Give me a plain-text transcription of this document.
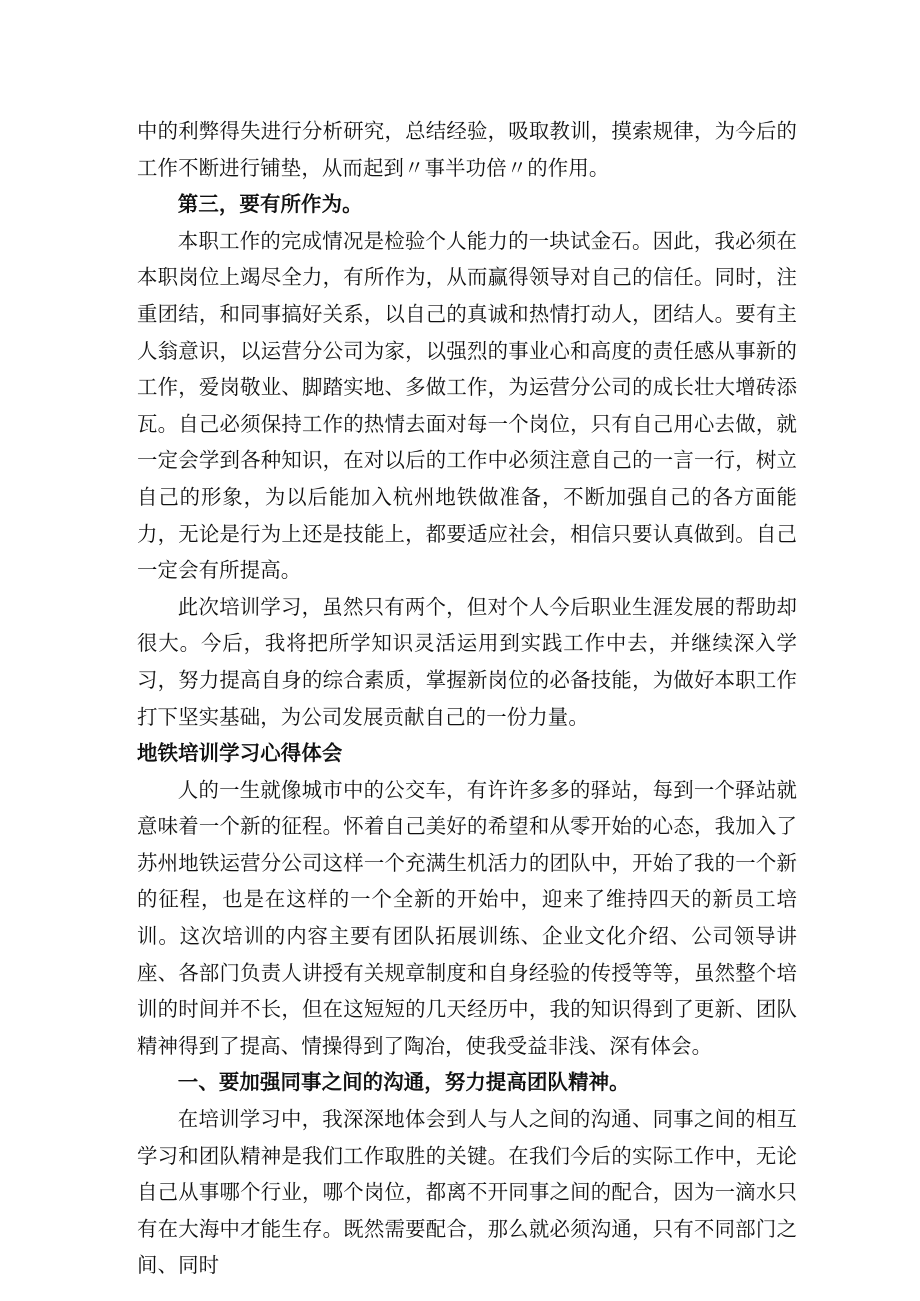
中的利弊得失进行分析研究，总结经验，吸取教训，摸索规律，为今后的工作不断进行铺垫，从而起到〃事半功倍〃的作用。

第三，要有所作为。

本职工作的完成情况是检验个人能力的一块试金石。因此，我必须在本职岗位上竭尽全力，有所作为，从而赢得领导对自己的信任。同时，注重团结，和同事搞好关系，以自己的真诚和热情打动人，团结人。要有主人翁意识，以运营分公司为家，以强烈的事业心和高度的责任感从事新的工作，爱岗敬业、脚踏实地、多做工作，为运营分公司的成长壮大增砖添瓦。自己必须保持工作的热情去面对每一个岗位，只有自己用心去做，就一定会学到各种知识，在对以后的工作中必须注意自己的一言一行，树立自己的形象，为以后能加入杭州地铁做准备，不断加强自己的各方面能力，无论是行为上还是技能上，都要适应社会，相信只要认真做到。自己一定会有所提高。

此次培训学习，虽然只有两个，但对个人今后职业生涯发展的帮助却很大。今后，我将把所学知识灵活运用到实践工作中去，并继续深入学习，努力提高自身的综合素质，掌握新岗位的必备技能，为做好本职工作打下坚实基础，为公司发展贡献自己的一份力量。

地铁培训学习心得体会

人的一生就像城市中的公交车，有许许多多的驿站，每到一个驿站就意味着一个新的征程。怀着自己美好的希望和从零开始的心态，我加入了苏州地铁运营分公司这样一个充满生机活力的团队中，开始了我的一个新的征程，也是在这样的一个全新的开始中，迎来了维持四天的新员工培训。这次培训的内容主要有团队拓展训练、企业文化介绍、公司领导讲座、各部门负责人讲授有关规章制度和自身经验的传授等等，虽然整个培训的时间并不长，但在这短短的几天经历中，我的知识得到了更新、团队精神得到了提高、情操得到了陶冶，使我受益非浅、深有体会。

一、要加强同事之间的沟通，努力提高团队精神。

在培训学习中，我深深地体会到人与人之间的沟通、同事之间的相互学习和团队精神是我们工作取胜的关键。在我们今后的实际工作中，无论自己从事哪个行业，哪个岗位，都离不开同事之间的配合，因为一滴水只有在大海中才能生存。既然需要配合，那么就必须沟通，只有不同部门之间、同时
